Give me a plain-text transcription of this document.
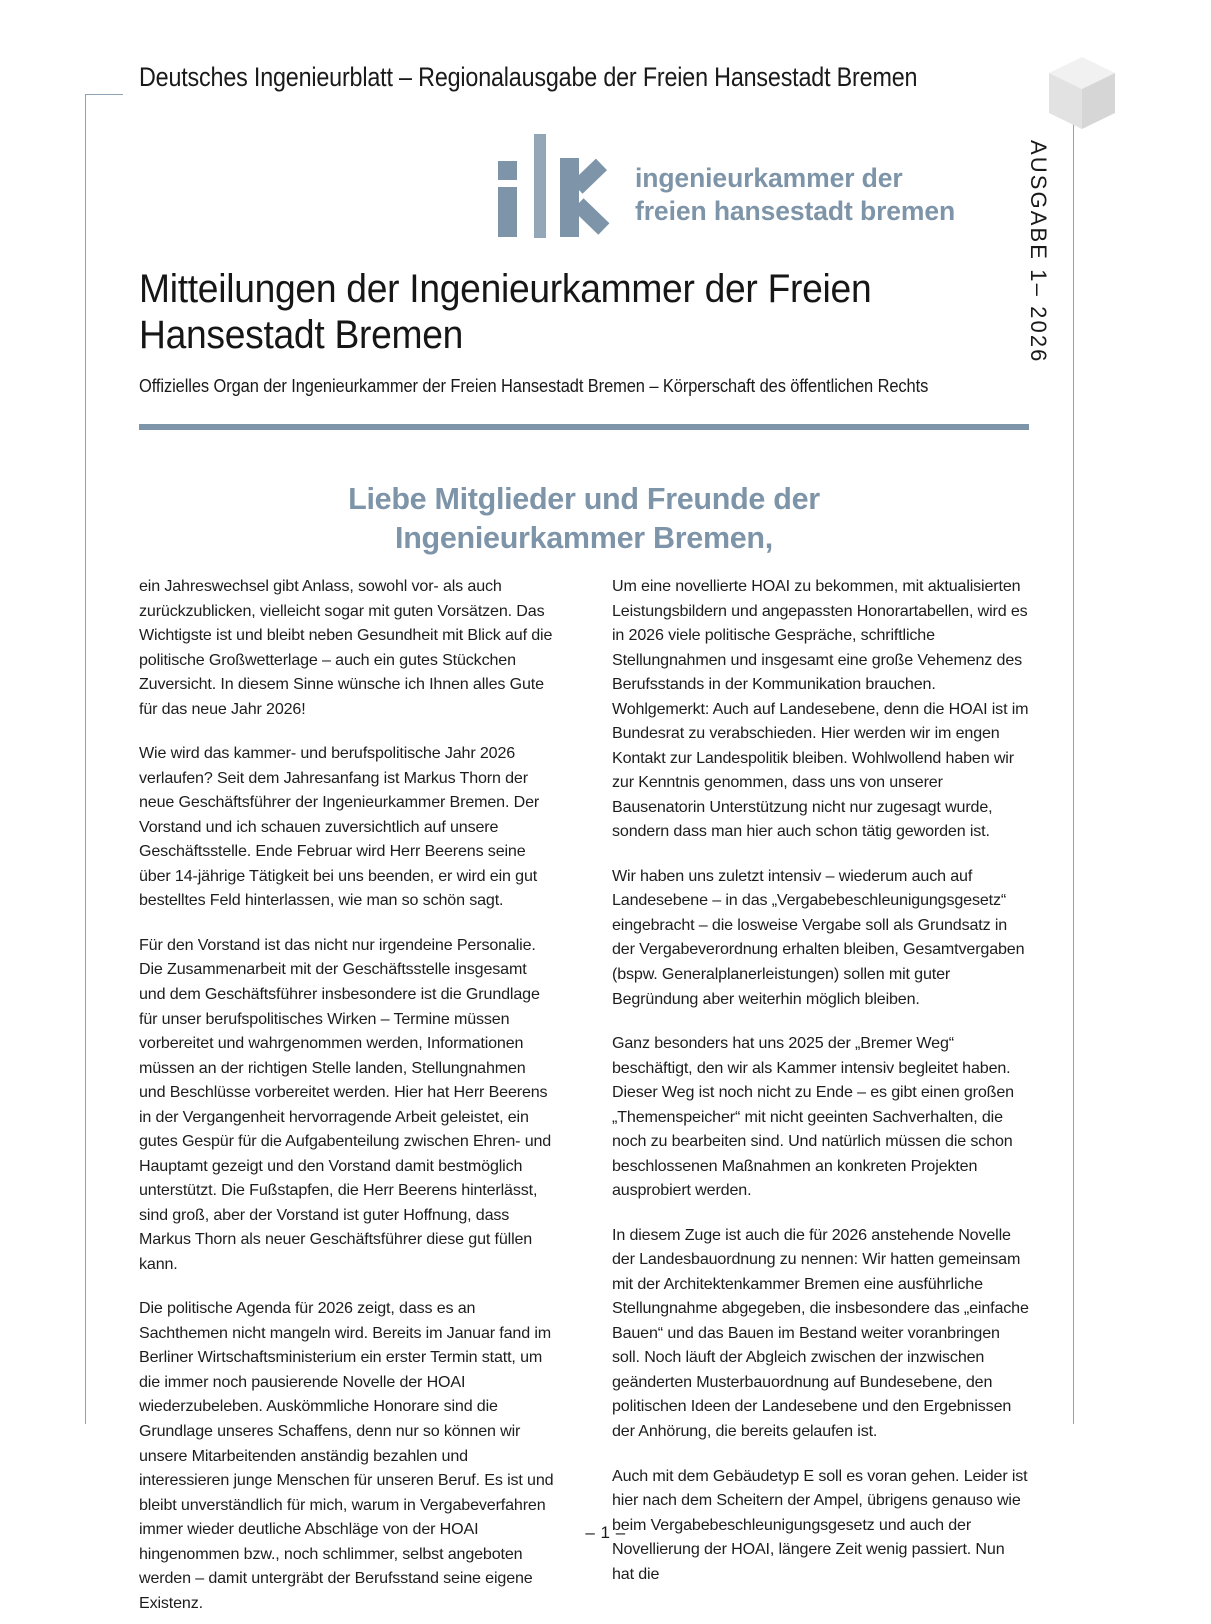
Deutsches Ingenieurblatt – Regionalausgabe der Freien Hansestadt Bremen
AUSGABE 1– 2026
ingenieurkammer der
freien hansestadt bremen
Mitteilungen der Ingenieurkammer der Freien Hansestadt Bremen
Offizielles Organ der Ingenieurkammer der Freien Hansestadt Bremen – Körperschaft des öffentlichen Rechts
Liebe Mitglieder und Freunde der
Ingenieurkammer Bremen,

ein Jahreswechsel gibt Anlass, sowohl vor- als auch zurückzublicken, vielleicht sogar mit guten Vorsätzen. Das Wichtigste ist und bleibt neben Gesundheit mit Blick auf die politische Großwetterlage – auch ein gutes Stückchen Zuversicht. In diesem Sinne wünsche ich Ihnen alles Gute für das neue Jahr 2026!

Wie wird das kammer- und berufspolitische Jahr 2026 verlaufen? Seit dem Jahresanfang ist Markus Thorn der neue Geschäftsführer der Ingenieurkammer Bremen. Der Vorstand und ich schauen zuversichtlich auf unsere Geschäftsstelle. Ende Februar wird Herr Beerens seine über 14-jährige Tätigkeit bei uns beenden, er wird ein gut bestelltes Feld hinterlassen, wie man so schön sagt.

Für den Vorstand ist das nicht nur irgendeine Personalie. Die Zusammenarbeit mit der Geschäftsstelle insgesamt und dem Geschäftsführer insbesondere ist die Grundlage für unser berufspolitisches Wirken – Termine müssen vorbereitet und wahrgenommen werden, Informationen müssen an der richtigen Stelle landen, Stellungnahmen und Beschlüsse vorbereitet werden. Hier hat Herr Beerens in der Vergangenheit hervorragende Arbeit geleistet, ein gutes Gespür für die Aufgabenteilung zwischen Ehren- und Hauptamt gezeigt und den Vorstand damit bestmöglich unterstützt. Die Fußstapfen, die Herr Beerens hinterlässt, sind groß, aber der Vorstand ist guter Hoffnung, dass Markus Thorn als neuer Geschäftsführer diese gut füllen kann.

Die politische Agenda für 2026 zeigt, dass es an Sachthemen nicht mangeln wird. Bereits im Januar fand im Berliner Wirtschaftsministerium ein erster Termin statt, um die immer noch pausierende Novelle der HOAI wiederzubeleben. Auskömmliche Honorare sind die Grundlage unseres Schaffens, denn nur so können wir unsere Mitarbeitenden anständig bezahlen und interessieren junge Menschen für unseren Beruf. Es ist und bleibt unverständlich für mich, warum in Vergabeverfahren immer wieder deutliche Abschläge von der HOAI hingenommen bzw., noch schlimmer, selbst angeboten werden – damit untergräbt der Berufsstand seine eigene Existenz.

Um eine novellierte HOAI zu bekommen, mit aktualisierten Leistungsbildern und angepassten Honorartabellen, wird es in 2026 viele politische Gespräche, schriftliche Stellungnahmen und insgesamt eine große Vehemenz des Berufsstands in der Kommunikation brauchen. Wohlgemerkt: Auch auf Landesebene, denn die HOAI ist im Bundesrat zu verabschieden. Hier werden wir im engen Kontakt zur Landespolitik bleiben. Wohlwollend haben wir zur Kenntnis genommen, dass uns von unserer Bausenatorin Unterstützung nicht nur zugesagt wurde, sondern dass man hier auch schon tätig geworden ist.

Wir haben uns zuletzt intensiv – wiederum auch auf Landesebene – in das „Vergabebeschleunigungsgesetz“ eingebracht – die losweise Vergabe soll als Grundsatz in der Vergabeverordnung erhalten bleiben, Gesamtvergaben (bspw. Generalplanerleistungen) sollen mit guter Begründung aber weiterhin möglich bleiben.

Ganz besonders hat uns 2025 der „Bremer Weg“ beschäftigt, den wir als Kammer intensiv begleitet haben. Dieser Weg ist noch nicht zu Ende – es gibt einen großen „Themenspeicher“ mit nicht geeinten Sachverhalten, die noch zu bearbeiten sind. Und natürlich müssen die schon beschlossenen Maßnahmen an konkreten Projekten ausprobiert werden.

In diesem Zuge ist auch die für 2026 anstehende Novelle der Landesbauordnung zu nennen: Wir hatten gemeinsam mit der Architektenkammer Bremen eine ausführliche Stellungnahme abgegeben, die insbesondere das „einfache Bauen“ und das Bauen im Bestand weiter voranbringen soll. Noch läuft der Abgleich zwischen der inzwischen geänderten Musterbauordnung auf Bundesebene, den politischen Ideen der Landesebene und den Ergebnissen der Anhörung, die bereits gelaufen ist.

Auch mit dem Gebäudetyp E soll es voran gehen. Leider ist hier nach dem Scheitern der Ampel, übrigens genauso wie beim Vergabebeschleunigungsgesetz und auch der Novellierung der HOAI, längere Zeit wenig passiert. Nun hat die

– 1 –
